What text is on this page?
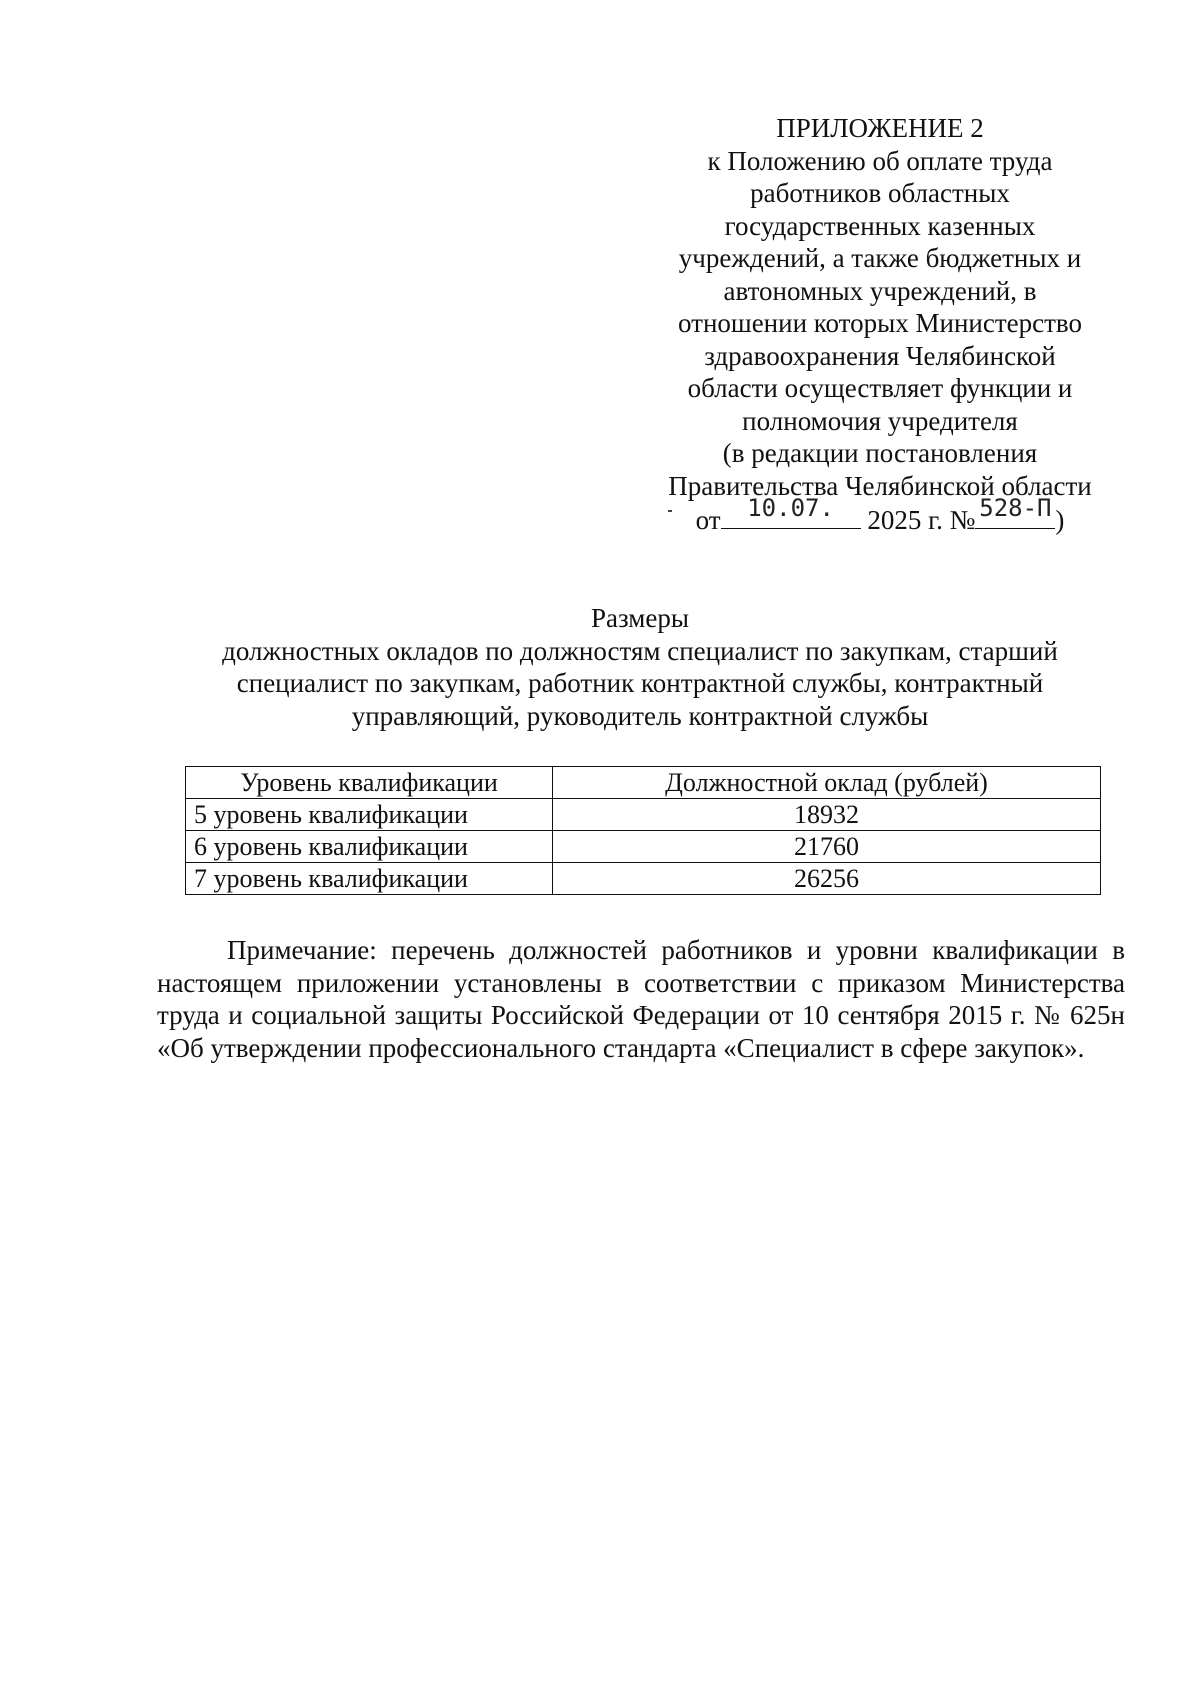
ПРИЛОЖЕНИЕ 2
к Положению об оплате труда
работников областных
государственных казенных
учреждений, а также бюджетных и
автономных учреждений, в
отношении которых Министерство
здравоохранения Челябинской
области осуществляет функции и
полномочия учредителя
(в редакции постановления
Правительства Челябинской области
от	10.07.	2025 г. № 528-П )
Размеры
должностных окладов по должностям специалист по закупкам, старший
специалист по закупкам, работник контрактной службы, контрактный
управляющий, руководитель контрактной службы
Уровень квалификации	Должностной оклад (рублей)
5 уровень квалификации	18932
6 уровень квалификации	21760
7 уровень квалификации	26256

Примечание: перечень должностей работников и уровни квалификации в настоящем приложении установлены в соответствии с приказом Министерства труда и социальной защиты Российской Федерации от 10 сентября 2015 г. № 625н «Об утверждении профессионального стандарта «Специалист в сфере закупок».
